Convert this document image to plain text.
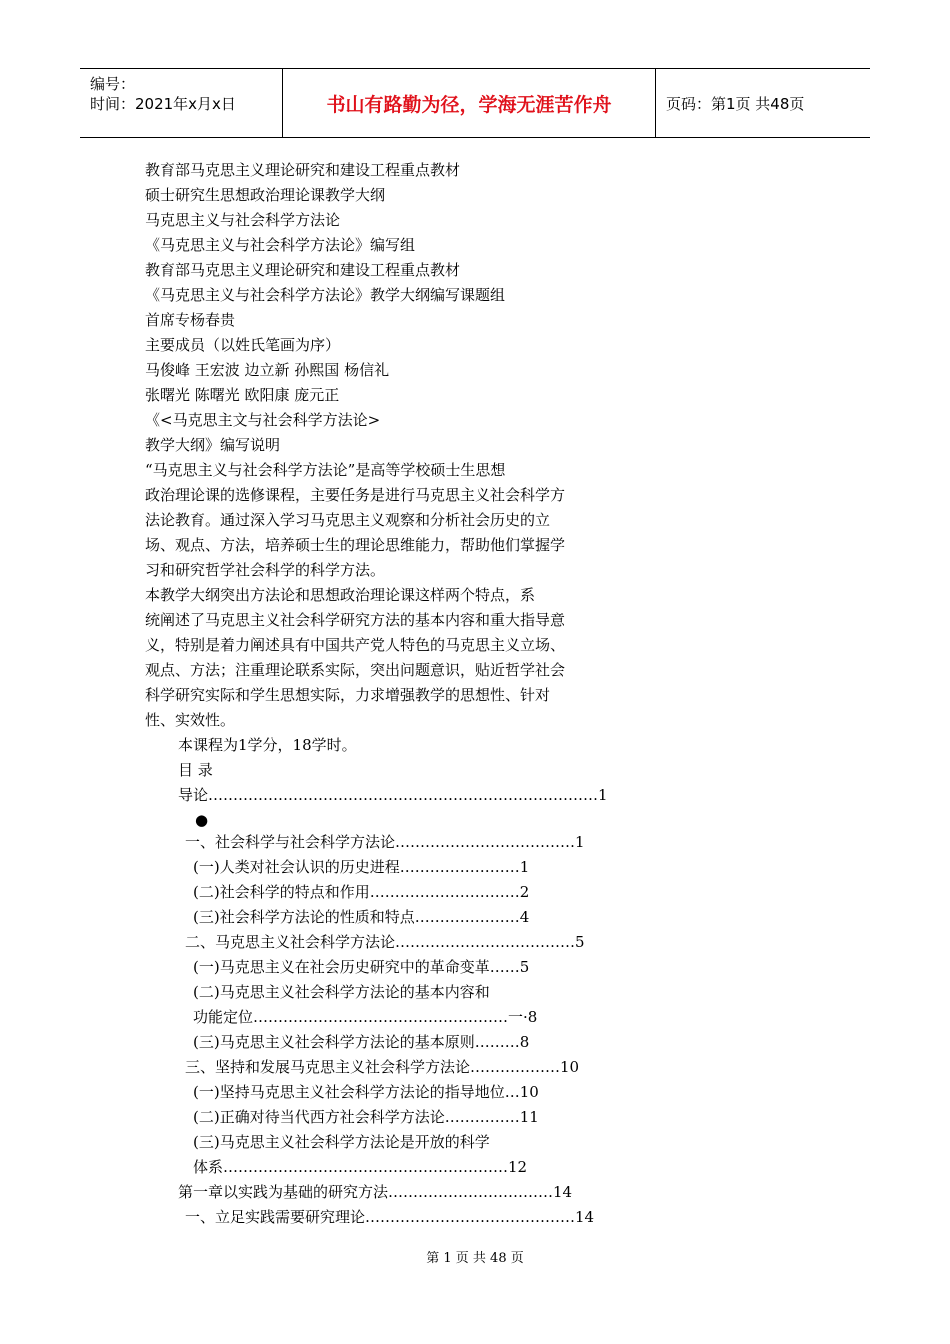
编号：
时间：2021年x月x日	书山有路勤为径，学海无涯苦作舟	页码：第1页 共48页
教育部马克思主义理论研究和建设工程重点教材
硕士研究生思想政治理论课教学大纲
马克思主义与社会科学方法论
《马克思主义与社会科学方法论》编写组
教育部马克思主义理论研究和建设工程重点教材
《马克思主义与社会科学方法论》教学大纲编写课题组
首席专杨春贵
主要成员（以姓氏笔画为序）
马俊峰 王宏波 边立新 孙熙国 杨信礼
张曙光 陈曙光 欧阳康 庞元正
《<马克思主文与社会科学方法论>
教学大纲》编写说明
“马克思主义与社会科学方法论”是高等学校硕士生思想
政治理论课的选修课程，主要任务是进行马克思主义社会科学方
法论教育。通过深入学习马克思主义观察和分析社会历史的立
场、观点、方法，培养硕士生的理论思维能力，帮助他们掌握学
习和研究哲学社会科学的科学方法。
本教学大纲突出方法论和思想政治理论课这样两个特点，系
统阐述了马克思主义社会科学研究方法的基本内容和重大指导意
义，特别是着力阐述具有中国共产党人特色的马克思主义立场、
观点、方法；注重理论联系实际，突出问题意识，贴近哲学社会
科学研究实际和学生思想实际，力求增强教学的思想性、针对
性、实效性。
本课程为1学分，18学时。
目 录
导论……………………………………………………………………1
●
一、社会科学与社会科学方法论………………………………1
(一)人类对社会认识的历史进程……………………1
(二)社会科学的特点和作用…………………………2
(三)社会科学方法论的性质和特点…………………4
二、马克思主义社会科学方法论………………………………5
(一)马克思主义在社会历史研究中的革命变革……5
(二)马克思主义社会科学方法论的基本内容和
功能定位……………………………………………一·8
(三)马克思主义社会科学方法论的基本原则………8
三、坚持和发展马克思主义社会科学方法论………………10
(一)坚持马克思主义社会科学方法论的指导地位…10
(二)正确对待当代西方社会科学方法论……………11
(三)马克思主义社会科学方法论是开放的科学
体系…………………………………………………12
第一章以实践为基础的研究方法……………………………14
一、立足实践需要研究理论……………………………………14
第 1 页 共 48 页
